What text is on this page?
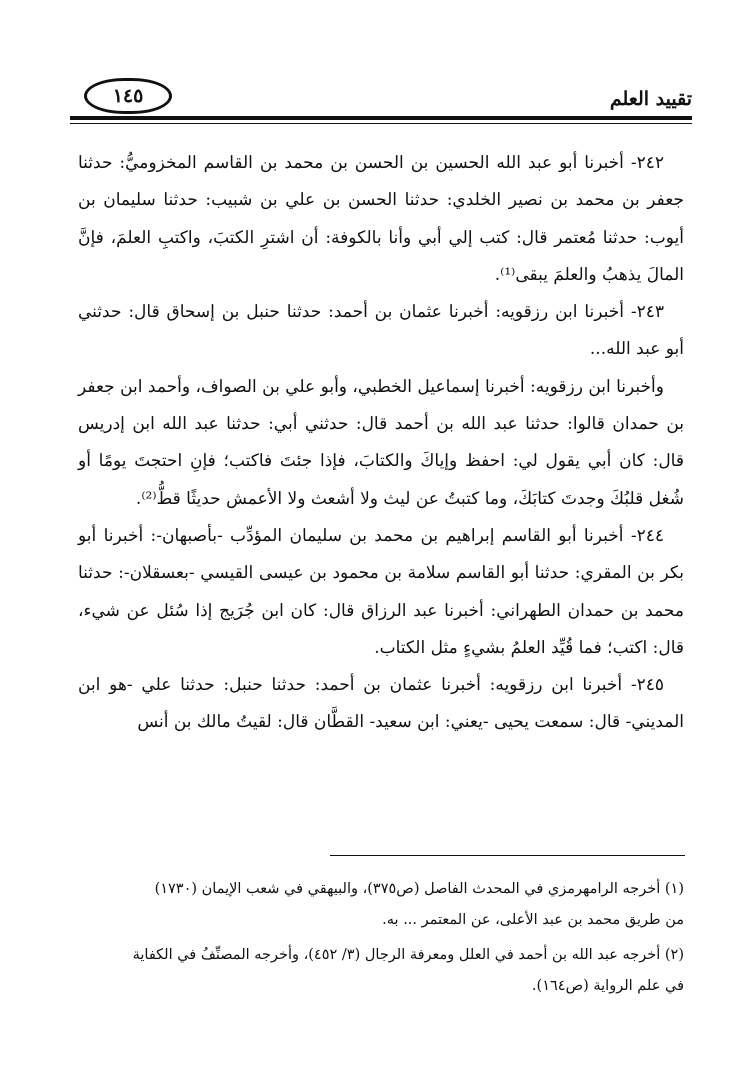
تقييد العلم
١٤٥

٢٤٢- أخبرنا أبو عبد الله الحسين بن الحسن بن محمد بن القاسم المخزوميُّ: حدثنا جعفر بن محمد بن نصير الخلدي: حدثنا الحسن بن علي بن شبيب: حدثنا سليمان بن أيوب: حدثنا مُعتمر قال: كتب إلي أبي وأنا بالكوفة: أن اشترِ الكتبَ، واكتبِ العلمَ، فإنَّ المالَ يذهبُ والعلمَ يبقى⁽¹⁾.

٢٤٣- أخبرنا ابن رزقويه: أخبرنا عثمان بن أحمد: حدثنا حنبل بن إسحاق قال: حدثني أبو عبد الله...

وأخبرنا ابن رزقويه: أخبرنا إسماعيل الخطبي، وأبو علي بن الصواف، وأحمد ابن جعفر بن حمدان قالوا: حدثنا عبد الله بن أحمد قال: حدثني أبي: حدثنا عبد الله ابن إدريس قال: كان أبي يقول لي: احفظ وإياكَ والكتابَ، فإذا جئتَ فاكتب؛ فإنِ احتجتَ يومًا أو شُغل قلبُكَ وجدتَ كتابَكَ، وما كتبتُ عن ليث ولا أشعث ولا الأعمش حديثًا قطُّ⁽²⁾.

٢٤٤- أخبرنا أبو القاسم إبراهيم بن محمد بن سليمان المؤدِّب -بأصبهان-: أخبرنا أبو بكر بن المقري: حدثنا أبو القاسم سلامة بن محمود بن عيسى القيسي -بعسقلان-: حدثنا محمد بن حمدان الطهراني: أخبرنا عبد الرزاق قال: كان ابن جُرَيج إذا سُئل عن شيء، قال: اكتب؛ فما قُيِّد العلمُ بشيءٍ مثل الكتاب.

٢٤٥- أخبرنا ابن رزقويه: أخبرنا عثمان بن أحمد: حدثنا حنبل: حدثنا علي -هو ابن المديني- قال: سمعت يحيى -يعني: ابن سعيد- القطَّان قال: لقيتُ مالك بن أنس

(١) أخرجه الرامهرمزي في المحدث الفاصل (ص٣٧٥)، والبيهقي في شعب الإيمان (١٧٣٠)
من طريق محمد بن عبد الأعلى، عن المعتمر ... به.

(٢) أخرجه عبد الله بن أحمد في العلل ومعرفة الرجال (٣/ ٤٥٢)، وأخرجه المصنِّفُ في الكفاية
في علم الرواية (ص١٦٤).
